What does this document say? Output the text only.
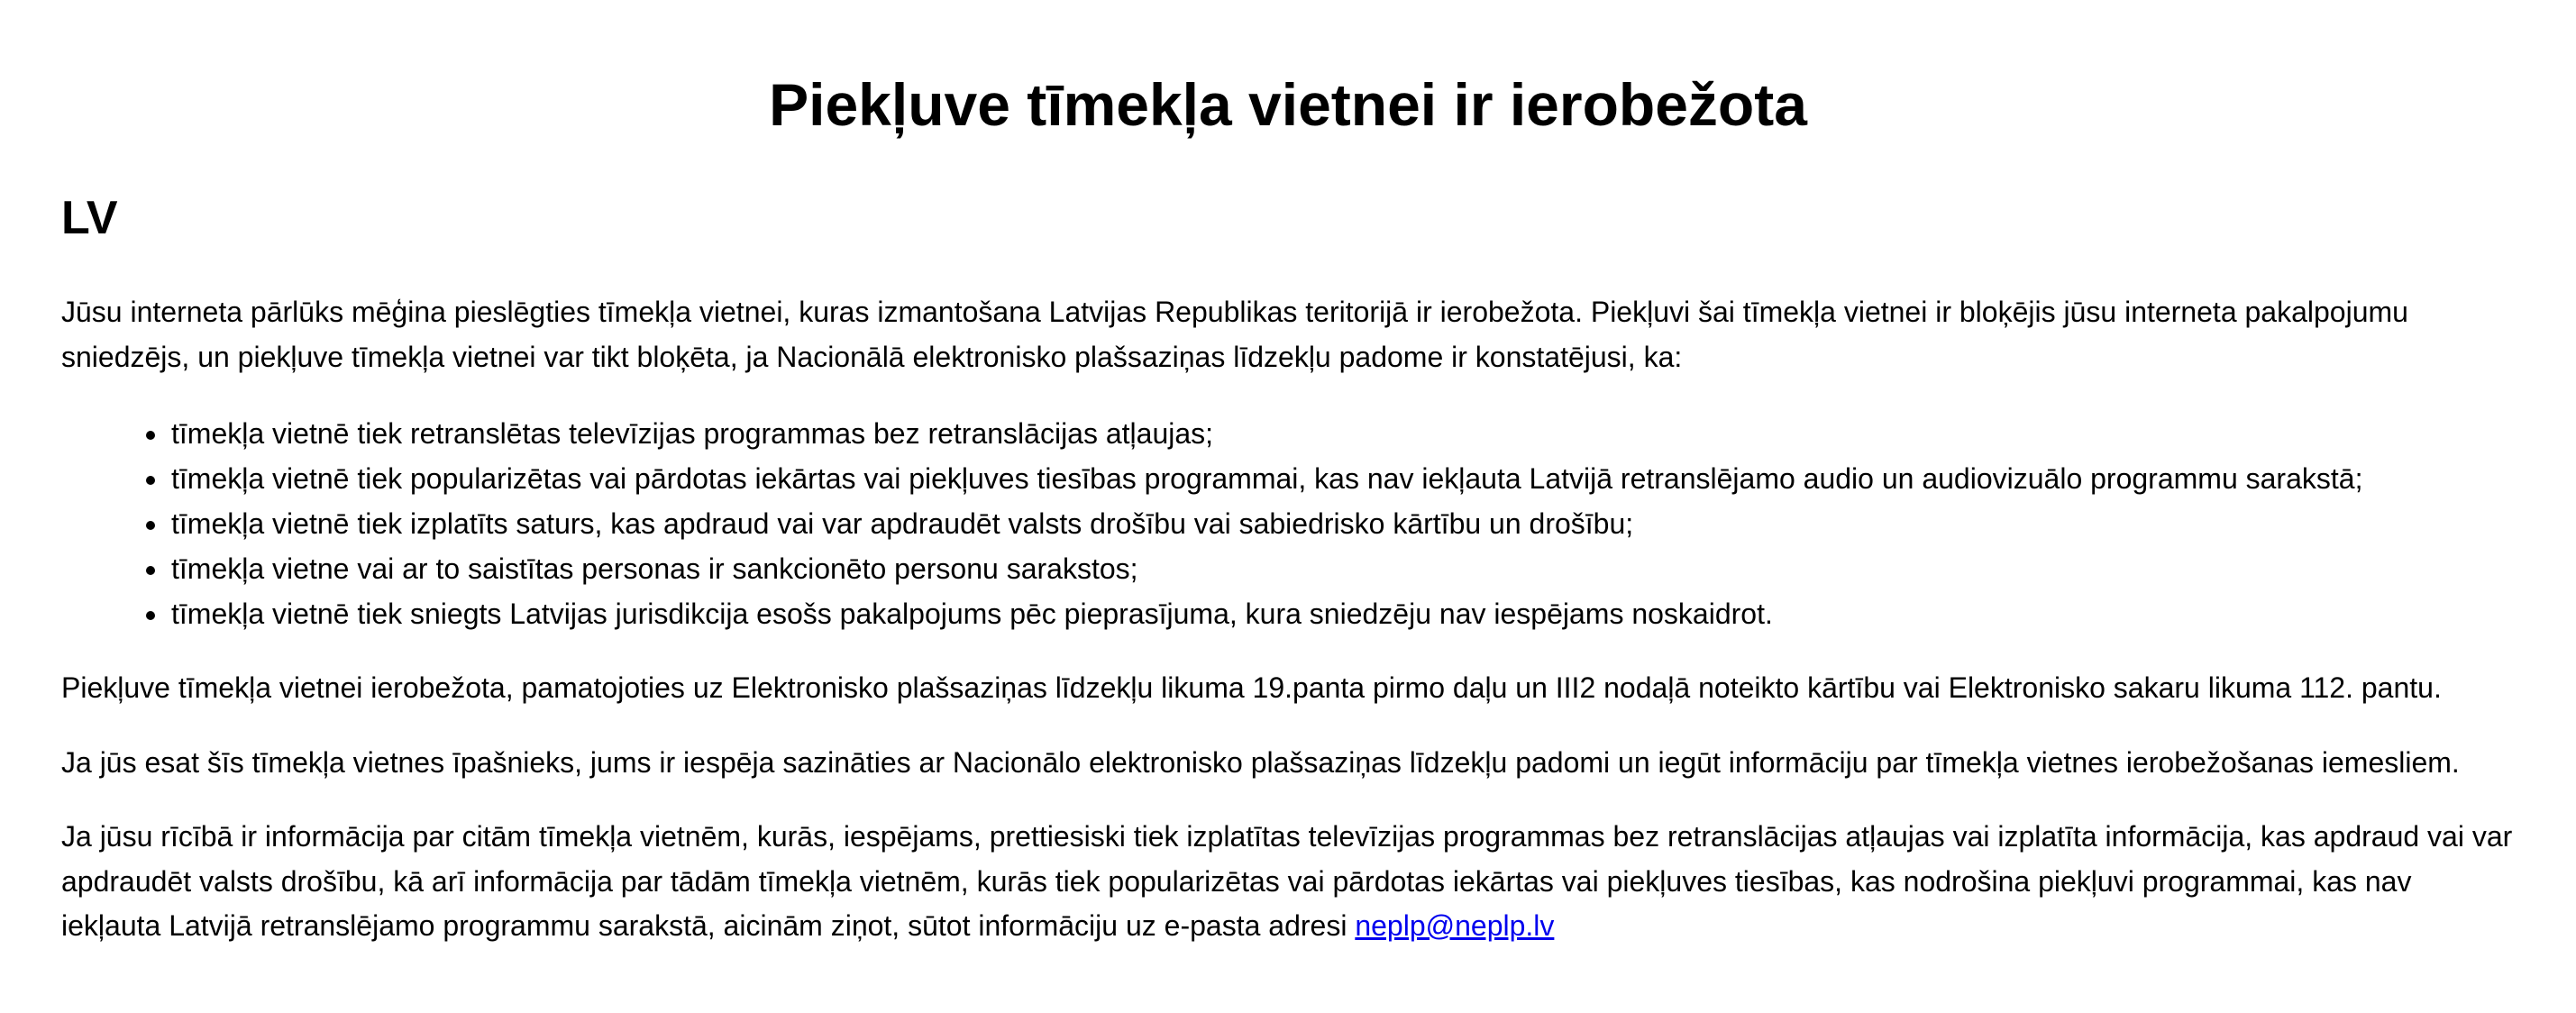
Piekļuve tīmekļa vietnei ir ierobežota
LV

Jūsu interneta pārlūks mēģina pieslēgties tīmekļa vietnei, kuras izmantošana Latvijas Republikas teritorijā ir ierobežota. Piekļuvi šai tīmekļa vietnei ir bloķējis jūsu interneta pakalpojumu sniedzējs, un piekļuve tīmekļa vietnei var tikt bloķēta, ja Nacionālā elektronisko plašsaziņas līdzekļu padome ir konstatējusi, ka:

• tīmekļa vietnē tiek retranslētas televīzijas programmas bez retranslācijas atļaujas;
• tīmekļa vietnē tiek popularizētas vai pārdotas iekārtas vai piekļuves tiesības programmai, kas nav iekļauta Latvijā retranslējamo audio un audiovizuālo programmu sarakstā;
• tīmekļa vietnē tiek izplatīts saturs, kas apdraud vai var apdraudēt valsts drošību vai sabiedrisko kārtību un drošību;
• tīmekļa vietne vai ar to saistītas personas ir sankcionēto personu sarakstos;
• tīmekļa vietnē tiek sniegts Latvijas jurisdikcija esošs pakalpojums pēc pieprasījuma, kura sniedzēju nav iespējams noskaidrot.

Piekļuve tīmekļa vietnei ierobežota, pamatojoties uz Elektronisko plašsaziņas līdzekļu likuma 19.panta pirmo daļu un III2 nodaļā noteikto kārtību vai Elektronisko sakaru likuma 112. pantu.

Ja jūs esat šīs tīmekļa vietnes īpašnieks, jums ir iespēja sazināties ar Nacionālo elektronisko plašsaziņas līdzekļu padomi un iegūt informāciju par tīmekļa vietnes ierobežošanas iemesliem.

Ja jūsu rīcībā ir informācija par citām tīmekļa vietnēm, kurās, iespējams, prettiesiski tiek izplatītas televīzijas programmas bez retranslācijas atļaujas vai izplatīta informācija, kas apdraud vai var apdraudēt valsts drošību, kā arī informācija par tādām tīmekļa vietnēm, kurās tiek popularizētas vai pārdotas iekārtas vai piekļuves tiesības, kas nodrošina piekļuvi programmai, kas nav iekļauta Latvijā retranslējamo programmu sarakstā, aicinām ziņot, sūtot informāciju uz e-pasta adresi neplp@neplp.lv
